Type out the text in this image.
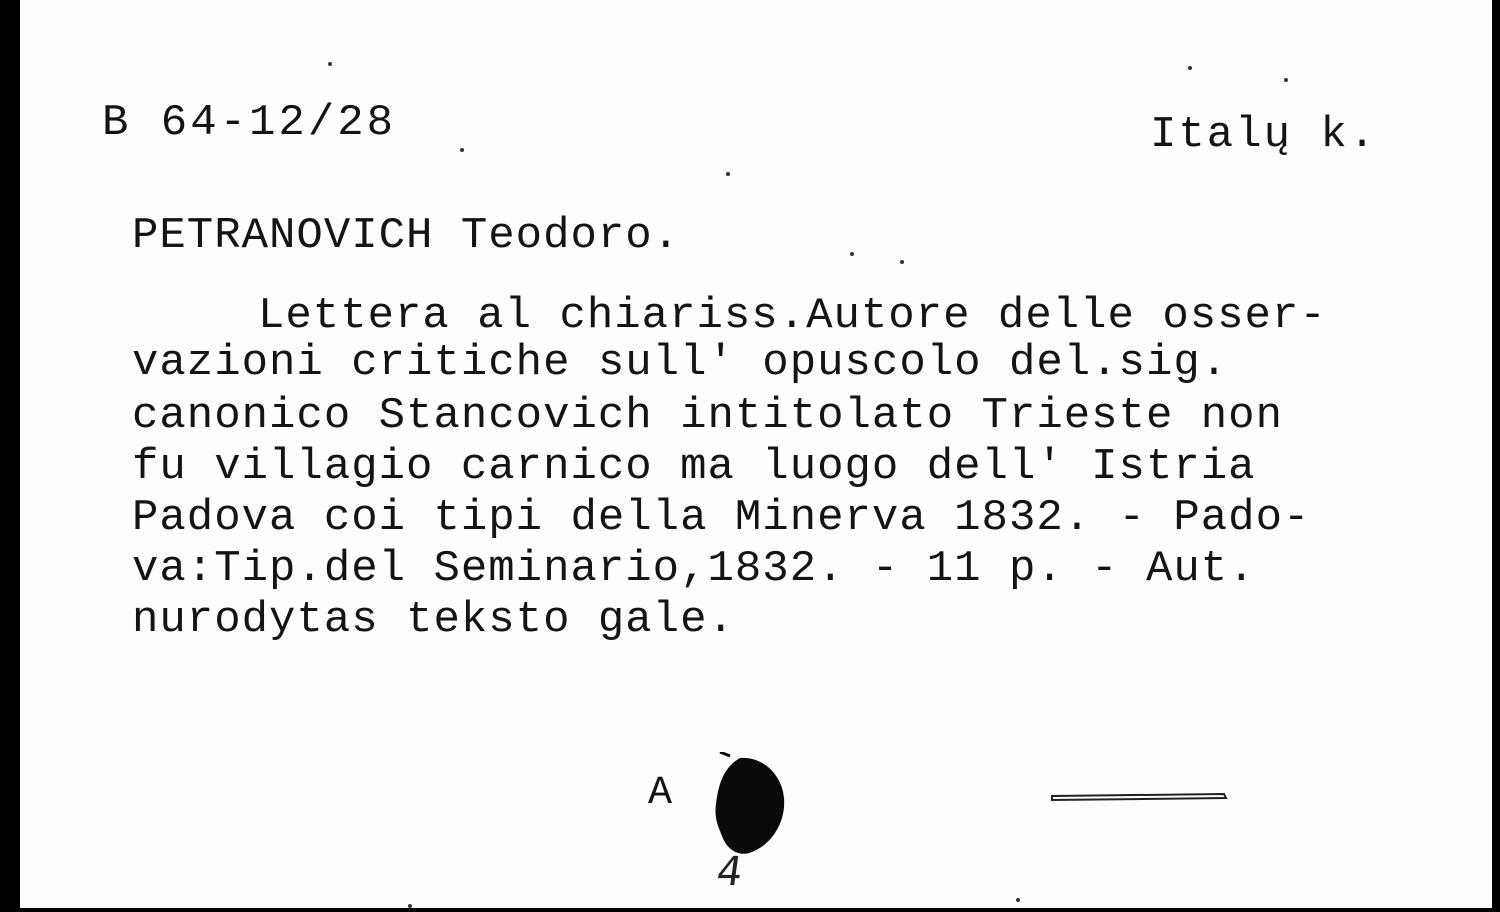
B 64-12/28	Italų k.
PETRANOVICH Teodoro.
Lettera al chiariss.Autore delle osser-
vazioni critiche sull' opuscolo del.sig.
canonico Stancovich intitolato Trieste non
fu villagio carnico ma luogo dell' Istria
Padova coi tipi della Minerva 1832. - Pado-
va:Tip.del Seminario,1832. - 11 p. - Aut.
nurodytas teksto gale.
A
4
